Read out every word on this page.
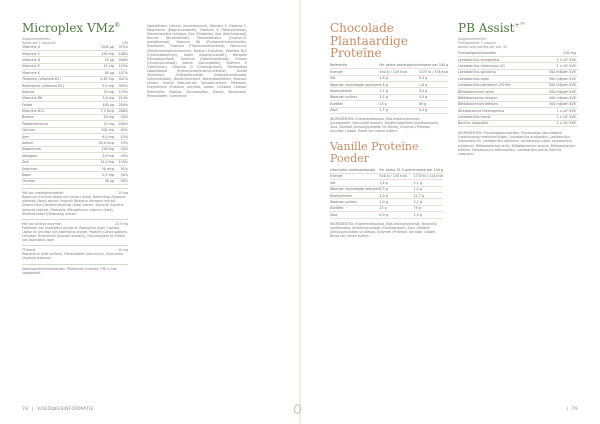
Microplex VMz®
Supplementfeiten
Wordt per 2 capsules	%RI
Vitamine A	7500 µg	375%
Vitamine C	150 mg	188%
Vitamine D	20 µg	400%
Vitamine E	15 mg	125%
Vitamine K	80 µg	107%
Thiamine (vitamine B1)	4,85 mg	441%
Riboflavine (vitamine B2)	5,5 mg	393%
Niacine	20 mg	125%
Vitamine B6	3,0 mg	214%
Folaat	400 µg	200%
Vitamine B12	7,2 mcg	288%
Biotine	20 mg	40%
Pantotheenzuur	12 mg	200%
Calcium	500 mg	63%
IJzer	6,0 mg	43%
Jodium	50,0 mcg	33%
Magnesium	150 mg	40%
Mangaan	0,9 mg	45%
Zink	12,0 mg	120%
Selenium	50 mcg	91%
Koper	0,5 mg	50%
Chroom	36 µg	90%

Mix van voedingsmiddelen	15 mg

Basilicum (Ocimum basilicum) extract (blad), Boerenkool (Brassica oleracea) (blad) extract, Broccoli (Brassica oleracea) extract, Groene thee (Camellia sinensis) (blad) extract, Spinazie (Spinacia oleracea) extract, Peterselie (Petroselinum crispum) (blad), Winterkoninkje (Dodonaea) extract

Mix van actieve enzymen	22,5 mg

Proteasen van Aspergillus oryzae en Aspergillus niger, Lactase, Lipase en Amylase van Aspergillus oryzae, Papaïne (Carica papaya), Cellulase, Bromelaïne (Ananas comosus), Glucoamylase en Fytase van Aspergillus niger

TT-blend	10 mg

Resveratrol (Vitis vinifera), Pterostilbeen (Vaccinium), Quercetine (Sophora japonica)

Voedingsreferentiewaarden. *Referentie innames. **RI is niet vastgesteld.

Ingrediënten: Calcium (Ascorbinezuur), Vitamine E, Vitamine C, Magnesium (Magnesiumoxide), Vitamine A (Retinylacetaat), Microkristallijne cellulose, Zink (Zinkoxide), IJzer (IJzerfumaraat), Niacine (Nicotinamide), Pantotheenzuur (Calcium-D-pantothenaat), Vitamine B6 (Pyridoxinehydrochloride), Riboflavine, Thiamine (Thiaminemononitraat), Foliumzuur (Pteroylmonoglutaminezuur), Biotine (D-biotine), Vitamine B12 (Cyanocobalamine), Koper (Kopergluconaat), Mangaan (Mangaansulfaat), Selenium (Natriumselenaat), Chroom (Chroompicolinaat), Jodium (Kaliumjodide), Vitamine K (Fyllochinon), Vitamine D (Cholecalciferol), Plantaardige capsulewand (Hydroxypropylmethylcellulose), Vulstof (Rijstmeel), Antiklontermiddel (Magnesiumstearaat, Siliciumdioxide), Basilicumextract, Boerenkoolextract, Broccoli-extract, Groene thee-extract, Spinazie-extract, Peterselie, Enzymenmix (Protease, Amylase, Lipase, Cellulase, Lactase, Bromelaïne, Papaïne, Glucoamylase, Fytase), Resveratrol, Pterostilbeen, Quercetine.

Chocolade Plantaardige Proteïne
Referentie	Per portie voedingsbron	Inname per 100 g
Energie	540 kJ / 129 kcal	1573 kJ / 376 kcal
Vet	1,8 g	5,4 g
Waarvan verzadigde vetzuren	0,6 g	1,6 g
Koolhydraten	3,1 g	9,0 g
Waarvan suikers	1,5 g	4,4 g
Eiwitten	24 g	69 g
Zout	1,5 g	4,4 g

INGREDIËNTEN: Erwteneiwitisolaat, Rijst-eiwitconcentraat, Cacaopoeder, Natuurlijke aroma's, Verdikkingsmiddel (Xanthaangom), Zout, Zoetstof (Steviolglycosiden uit Stevia), Enzymen (Protease, Amylase, Lipase). Bevat van nature suikers.

Vanille Proteïne Poeder
Informatie voedingswaarde	Per portie 31,5 gram	Inname per 100 g
Energie	546 kJ / 130 kcal	1733 kJ / 414 kcal
Vet	1,6 g	5,1 g
Waarvan verzadigde vetzuren	0,3 g	1,0 g
Koolhydraten	4,0 g	12,7 g
Waarvan suikers	1,0 g	3,2 g
Eiwitten	25 g	79 g
Zout	0,9 g	2,9 g

INGREDIËNTEN: Erwteneiwitisolaat, Rijst-eiwitconcentraat, Natuurlijk vanillearoma, Verdikkingsmiddel (Xanthaangom), Zout, Zoetstof (Steviolglycosiden uit Stevia), Enzymen (Protease, Amylase, Lipase). Bevat van nature suikers.

PB Assist+™
Supplementfeiten
Portiegrootte: 1 capsule
Aantal keer porties per pot: 30
Fructooligosacchariden	450 mg
Lactobacillus acidophilus	1 x 10⁹ KVE
Lactobacillus rhamnosus GG	1 x 10⁹ KVE
Lactobacillus salivarius	500 miljoen KVE
Lactobacillus casei	500 miljoen KVE
Lactobacillus plantarum LP299v	500 miljoen KVE
Bifidobacterium lactis	500 miljoen KVE
Bifidobacterium longum	500 miljoen KVE
Bifidobacterium bifidum	500 miljoen KVE
Streptococcus thermophilus	1 x 10⁹ KVE
Lactobacillus brevis	1 x 10⁹ KVE
Bacillus coagulans	1 x 10⁹ KVE

INGREDIËNTEN: Fructooligosacchariden, Plantaardige capsulewand (Hydroxypropylmethylcellulose), Lactobacillus acidophilus, Lactobacillus rhamnosus GG, Lactobacillus salivarius, Lactobacillus casei, Lactobacillus plantarum, Bifidobacterium lactis, Bifidobacterium longum, Bifidobacterium bifidum, Streptococcus thermophilus, Lactobacillus brevis, Bacillus coagulans.

78  |  VOEDINGSINFORMATIE	|  79
